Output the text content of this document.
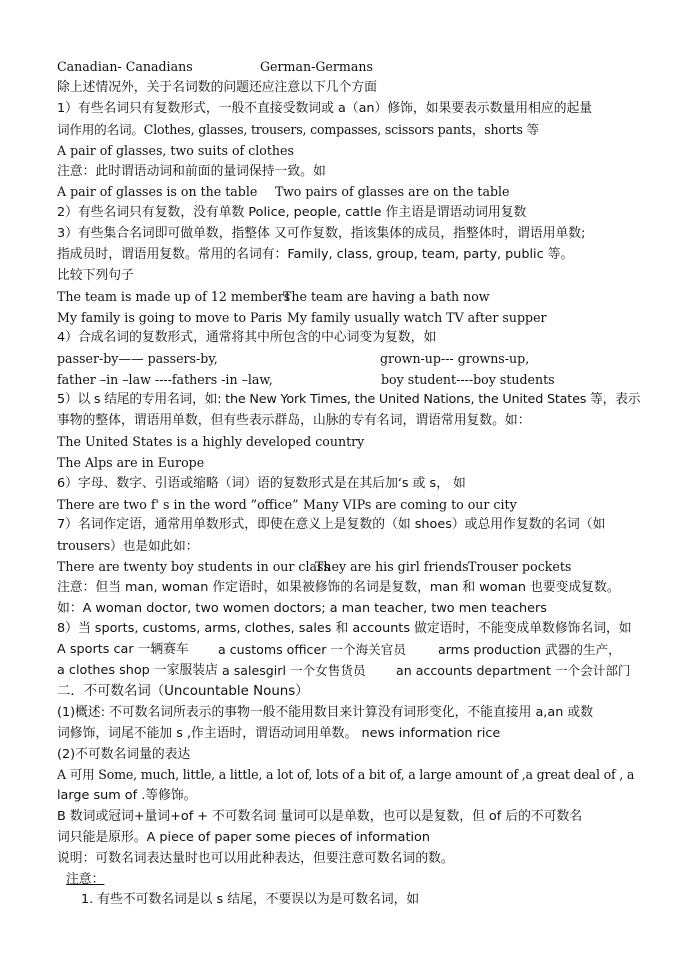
Canadian- Canadians	German-Germans
除上述情况外，关于名词数的问题还应注意以下几个方面
1）有些名词只有复数形式，一般不直接受数词或 a（an）修饰，如果要表示数量用相应的起量
词作用的名词。Clothes, glasses, trousers, compasses, scissors pants，shorts 等
A pair of glasses, two suits of clothes
注意：此时谓语动词和前面的量词保持一致。如
A pair of glasses is on the table Two pairs of glasses are on the table
2）有些名词只有复数，没有单数 Police, people, cattle 作主语是谓语动词用复数
3）有些集合名词即可做单数，指整体 又可作复数，指该集体的成员，指整体时，谓语用单数;
指成员时，谓语用复数。常用的名词有：Family, class, group, team, party, public 等。
比较下列句子
The team is made up of 12 members
The team are having a bath now
My family is going to move to Paris My family usually watch TV after supper
4）合成名词的复数形式，通常将其中所包含的中心词变为复数，如
passer-by—— passers-by,	grown-up--- growns-up,
father –in –law ----fathers -in –law,	boy student----boy students
5）以 s 结尾的专用名词，如: the New York Times, the United Nations, the United States 等，表示
事物的整体，谓语用单数，但有些表示群岛，山脉的专有名词，谓语常用复数。如：
The United States is a highly developed country
The Alps are in Europe
6）字母、数字、引语或缩略（词）语的复数形式是在其后加‘s 或 s， 如
There are two f' s in the word ”office” Many VIPs are coming to our city
7）名词作定语，通常用单数形式，即使在意义上是复数的（如 shoes）或总用作复数的名词（如
trousers）也是如此如：
There are twenty boy students in our class
They are his girl friends Trouser pockets
注意：但当 man, woman 作定语时，如果被修饰的名词是复数，man 和 woman 也要变成复数。
如：A woman doctor, two women doctors; a man teacher, two men teachers
8）当 sports, customs, arms, clothes, sales 和 accounts 做定语时，不能变成单数修饰名词，如
A sports car 一辆赛车 a customs officer 一个海关官员	arms production 武器的生产，
a clothes shop 一家服装店 a salesgirl 一个女售货员 an accounts department 一个会计部门
二．不可数名词（Uncountable Nouns）
(1)概述: 不可数名词所表示的事物一般不能用数目来计算没有词形变化，不能直接用 a,an 或数
词修饰，词尾不能加 s ,作主语时，谓语动词用单数。 news information rice
(2)不可数名词量的表达
A 可用 Some, much, little, a little, a lot of, lots of a bit of, a large amount of ,a great deal of , a
large sum of .等修饰。
B 数词或冠词+量词+of + 不可数名词 量词可以是单数，也可以是复数，但 of 后的不可数名
词只能是原形。A piece of paper some pieces of information
说明：可数名词表达量时也可以用此种表达，但要注意可数名词的数。
注意：
1. 有些不可数名词是以 s 结尾，不要误以为是可数名词，如
